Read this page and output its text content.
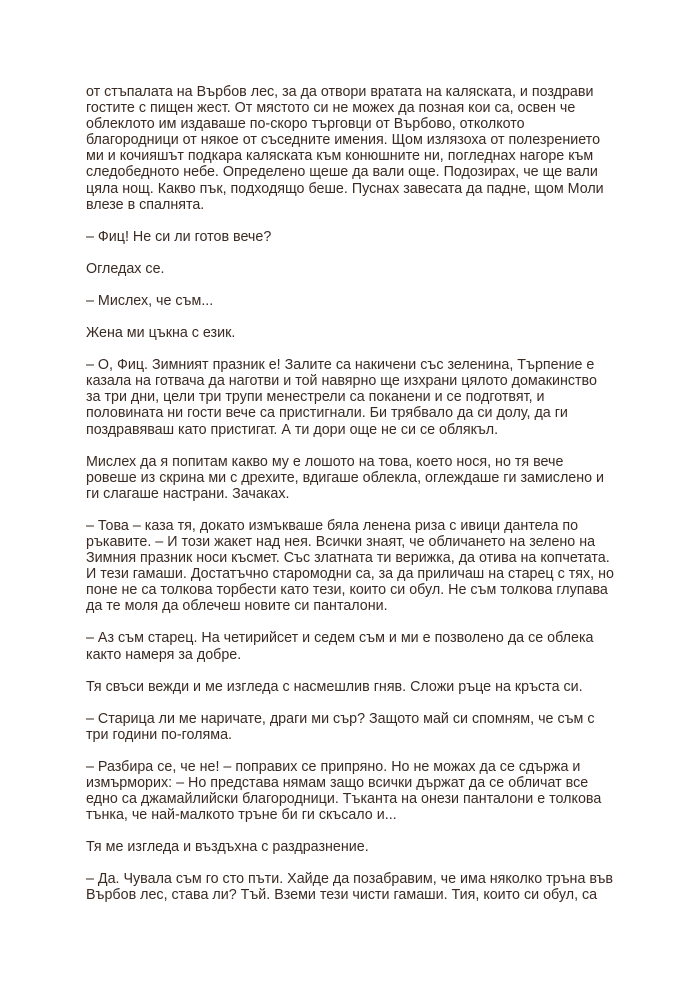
от стъпалата на Върбов лес, за да отвори вратата на каляската, и поздрави гостите с пищен жест. От мястото си не можех да позная кои са, освен че облеклото им издаваше по-скоро търговци от Върбово, отколкото благородници от някое от съседните имения. Щом излязоха от полезрението ми и кочияшът подкара каляската към конюшните ни, погледнах нагоре към следобедното небе. Определено щеше да вали още. Подозирах, че ще вали цяла нощ. Какво пък, подходящо беше. Пуснах завесата да падне, щом Моли влезе в спалнята.

– Фиц! Не си ли готов вече?

Огледах се.

– Мислех, че съм...

Жена ми цъкна с език.

– О, Фиц. Зимният празник е! Залите са накичени със зеленина, Търпение е казала на готвача да наготви и той навярно ще изхрани цялото домакинство за три дни, цели три трупи менестрели са поканени и се подготвят, и половината ни гости вече са пристигнали. Би трябвало да си долу, да ги поздравяваш като пристигат. А ти дори още не си се облякъл.

Мислех да я попитам какво му е лошото на това, което нося, но тя вече ровеше из скрина ми с дрехите, вдигаше облекла, оглеждаше ги замислено и ги слагаше настрани. Зачаках.

– Това – каза тя, докато измъкваше бяла ленена риза с ивици дантела по ръкавите. – И този жакет над нея. Всички знаят, че обличането на зелено на Зимния празник носи късмет. Със златната ти верижка, да отива на копчетата. И тези гамаши. Достатъчно старомодни са, за да приличаш на старец с тях, но поне не са толкова торбести като тези, които си обул. Не съм толкова глупава да те моля да облечеш новите си панталони.

– Аз съм старец. На четирийсет и седем съм и ми е позволено да се облека както намеря за добре.

Тя свъси вежди и ме изгледа с насмешлив гняв. Сложи ръце на кръста си.

– Старица ли ме наричате, драги ми сър? Защото май си спомням, че съм с три години по-голяма.

– Разбира се, че не! – поправих се припряно. Но не можах да се сдържа и измърморих: – Но представа нямам защо всички държат да се обличат все едно са джамайлийски благородници. Тъканта на онези панталони е толкова тънка, че най-малкото тръне би ги скъсало и...

Тя ме изгледа и въздъхна с раздразнение.

– Да. Чувала съм го сто пъти. Хайде да позабравим, че има няколко тръна във Върбов лес, става ли? Тъй. Вземи тези чисти гамаши. Тия, които си обул, са
